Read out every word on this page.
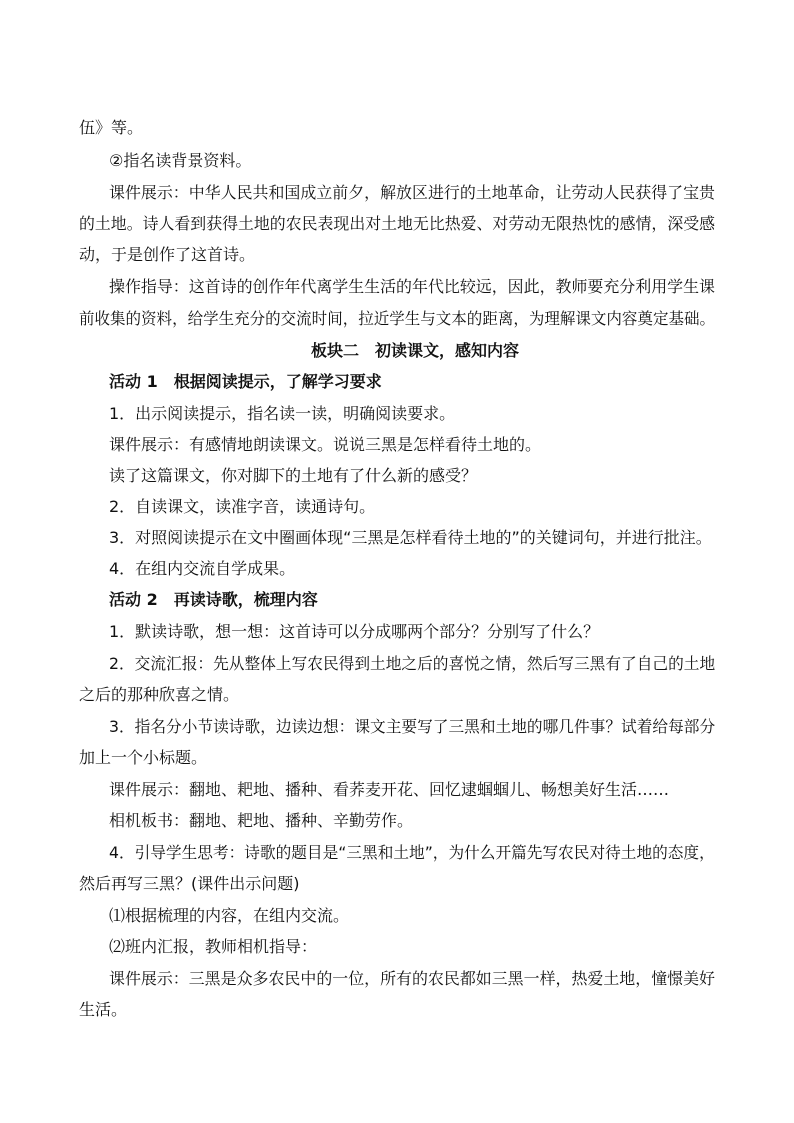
伍》等。
②指名读背景资料。
课件展示：中华人民共和国成立前夕，解放区进行的土地革命，让劳动人民获得了宝贵
的土地。诗人看到获得土地的农民表现出对土地无比热爱、对劳动无限热忱的感情，深受感
动，于是创作了这首诗。
操作指导：这首诗的创作年代离学生生活的年代比较远，因此，教师要充分利用学生课
前收集的资料，给学生充分的交流时间，拉近学生与文本的距离，为理解课文内容奠定基础。
板块二　初读课文，感知内容
活动 1　根据阅读提示，了解学习要求
1．出示阅读提示，指名读一读，明确阅读要求。
课件展示：有感情地朗读课文。说说三黑是怎样看待土地的。
读了这篇课文，你对脚下的土地有了什么新的感受？
2．自读课文，读准字音，读通诗句。
3．对照阅读提示在文中圈画体现“三黑是怎样看待土地的”的关键词句，并进行批注。
4．在组内交流自学成果。
活动 2　再读诗歌，梳理内容
1．默读诗歌，想一想：这首诗可以分成哪两个部分？分别写了什么？
2．交流汇报：先从整体上写农民得到土地之后的喜悦之情，然后写三黑有了自己的土地
之后的那种欣喜之情。
3．指名分小节读诗歌，边读边想：课文主要写了三黑和土地的哪几件事？试着给每部分
加上一个小标题。
课件展示：翻地、耙地、播种、看荞麦开花、回忆逮蝈蝈儿、畅想美好生活……
相机板书：翻地、耙地、播种、辛勤劳作。
4．引导学生思考：诗歌的题目是“三黑和土地”，为什么开篇先写农民对待土地的态度，
然后再写三黑？(课件出示问题)
⑴根据梳理的内容，在组内交流。
⑵班内汇报，教师相机指导：
课件展示：三黑是众多农民中的一位，所有的农民都如三黑一样，热爱土地，憧憬美好
生活。
